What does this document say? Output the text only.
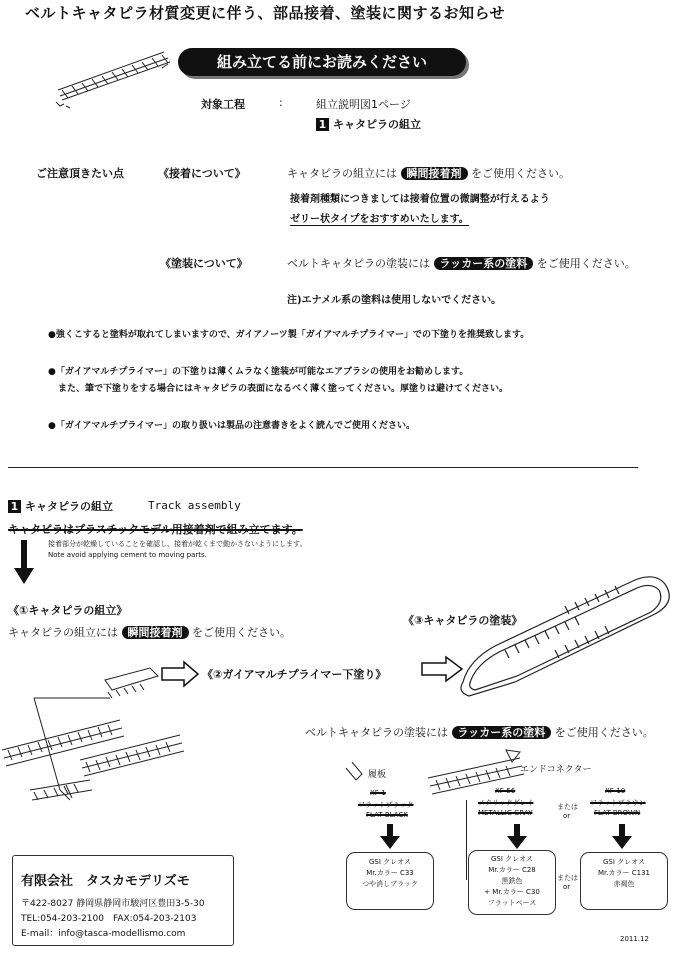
ベルトキャタピラ材質変更に伴う、部品接着、塗装に関するお知らせ
組み立てる前にお読みください
対象工程	:	組立説明図1ページ
1 キャタピラの組立
ご注意頂きたい点	《接着について》	キャタピラの組立には 瞬間接着剤 をご使用ください。
接着剤種類につきましては接着位置の微調整が行えるよう
ゼリー状タイプをおすすめいたします。
《塗装について》	ベルトキャタピラの塗装には ラッカー系の塗料 をご使用ください。
注)エナメル系の塗料は使用しないでください。
●強くこすると塗料が取れてしまいますので、ガイアノーツ製「ガイアマルチプライマー」での下塗りを推奨致します。
●「ガイアマルチプライマー」の下塗りは薄くムラなく塗装が可能なエアブラシの使用をお勧めします。
また、筆で下塗りをする場合にはキャタピラの表面になるべく薄く塗ってください。厚塗りは避けてください。
●「ガイアマルチプライマー」の取り扱いは製品の注意書きをよく読んでご使用ください。
1 キャタピラの組立	Track assembly
キャタピラはプラスチックモデル用接着剤で組み立てます。
接着部分が乾燥していることを確認し、接着が乾くまで動かさないようにします。
Note avoid applying cement to moving parts.
《①キャタピラの組立》
キャタピラの組立には 瞬間接着剤 をご使用ください。
《②ガイアマルチプライマー下塗り》
《③キャタピラの塗装》
ベルトキャタピラの塗装には ラッカー系の塗料 をご使用ください。
履板	エンドコネクター
XF-1
フラットブラック
FLAT BLACK
XF-56
メタリックグレイ
METALLIC GRAY
または
or
XF-10
フラットブラウン
FLAT BROWN
GSI クレオス
Mr.カラー C33
つや消しブラック
GSI クレオス
Mr.カラー C28
黒鉄色
+ Mr.カラー C30
フラットベース
または
or
GSI クレオス
Mr.カラー C131
赤褐色
有限会社　タスカモデリズモ
〒422-8027 静岡県静岡市駿河区豊田3-5-30
TEL:054-203-2100　FAX:054-203-2103
E-mail：info@tasca-modellismo.com	2011.12
